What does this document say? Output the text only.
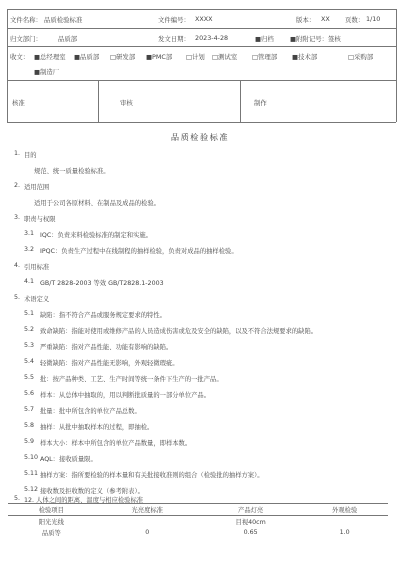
文件名称： 品质检验标准	文件编号： XXXX	版本： XX 页数： 1/10
归文部门：	品质部	发文日期： 2023-4-28	■归档	■附附记号：签核
收文： ■总经理室 ■品质部 □研发部 ■PMC部 □计划 □测试室 □管理部 ■技术部	□采购部
■制造厂
核准	审核	制作
品质检验标准
1. 目的
规范、统一质量检验标准。
2. 适用范围
适用于公司各原材料、在制品及成品的检验。
3. 职责与权限
3.1 IQC：负责来料检验标准的制定和实施。
3.2 IPQC：负责生产过程中在线制程的抽样检验，负责对成品的抽样检验。
4. 引用标准
4.1 GB/T 2828-2003 等效 GB/T2828.1-2003
5. 术语定义
5.1 缺陷：指不符合产品或服务规定要求的特性。
5.2 致命缺陷：指能对使用或维修产品的人员造成伤害或危及安全的缺陷，以及不符合法规要求的缺陷。
5.3 严重缺陷：指对产品性能、功能有影响的缺陷。
5.4 轻微缺陷：指对产品性能无影响，外观轻微瑕疵。
5.5 批：按产品种类、工艺、生产时间等统一条件下生产的一批产品。
5.6 样本：从总体中抽取的，用以判断批质量的一部分单位产品。
5.7 批量：批中所包含的单位产品总数。
5.8 抽样：从批中抽取样本的过程，即抽检。
5.9 样本大小：样本中所包含的单位产品数量，即样本数。
5.10 AQL：接收质量限。
5.11 抽样方案：指所要检验的样本量和有关批接收准则的组合（检验批的抽样方案）。
5.12 接收数及拒收数的定义（参考附表）。
5. 12. 人体之间的距离、温度与相应检验标准
检验项目	光亮度标准	产品灯亮	外观检验
阳光光线		目视40cm	
品质等	0	0.65	1.0
